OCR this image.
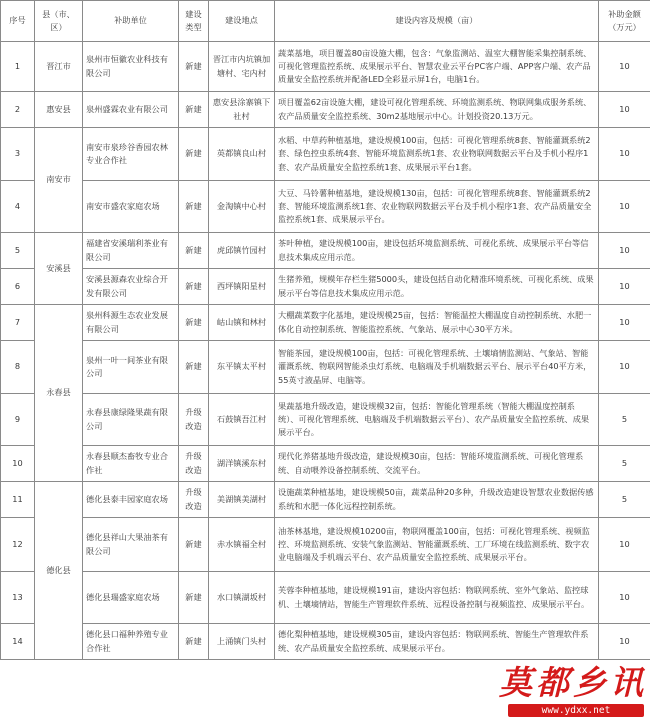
序号	县（市、区）	补助单位	建设类型	建设地点	建设内容及规模（亩）	补助金额（万元）
1	晋江市	泉州市恒徽农业科技有限公司	新建	晋江市内坑镇加塘村、宅内村	蔬菜基地，项目覆盖80亩设施大棚，包含：气象监测站、温室大棚智能采集控制系统、可视化管理监控系统、成果展示平台、智慧农业云平台PC客户端、APP客户端、农产品质量安全监控系统并配备LED全彩显示屏1台，电脑1台。	10
2	惠安县	泉州盛霖农业有限公司	新建	惠安县涂寨镇下社村	项目覆盖62亩设施大棚，建设可视化管理系统、环境监测系统、物联网集成服务系统、农产品质量安全监控系统、30m2基地展示中心。计划投资20.13万元。	10
3	南安市	南安市泉珍谷香园农林专业合作社	新建	英都镇良山村	水稻、中草药种植基地，建设规模100亩，包括：可视化管理系统8套、智能灌溉系统2套、绿色控虫系统4套、智能环境监测系统1套、农业物联网数据云平台及手机小程序1套、农产品质量安全监控系统1套、成果展示平台1套。	10
4		南安市盛农家庭农场	新建	金淘镇中心村	大豆、马铃薯种植基地，建设规模130亩，包括：可视化管理系统8套、智能灌溉系统2套、智能环境监测系统1套、农业物联网数据云平台及手机小程序1套、农产品质量安全监控系统1套、成果展示平台。	10
5	安溪县	福建省安溪瑞利茶业有限公司	新建	虎邱镇竹园村	茶叶种植，建设规模100亩，建设包括环境监测系统、可视化系统、成果展示平台等信息技术集成应用示范。	10
6		安溪县源森农业综合开发有限公司	新建	西坪镇阳星村	生猪养殖，规模年存栏生猪5000头，建设包括自动化精准环境系统、可视化系统、成果展示平台等信息技术集成应用示范。	10
7	永春县	泉州科源生态农业发展有限公司	新建	岵山镇和林村	大棚蔬菜数字化基地，建设规模25亩，包括：智能温控大棚温度自动控制系统、水肥一体化自动控制系统、智能监控系统、气象站、展示中心30平方米。	10
8		泉州一叶一间茶业有限公司	新建	东平镇太平村	智能茶园，建设规模100亩，包括：可视化管理系统、土壤墒情监测站、气象站、智能灌溉系统、物联网智能杀虫灯系统、电脑端及手机端数据云平台、展示平台40平方米，55英寸液晶屏、电脑等。	10
9		永春县康绿隆果蔬有限公司	升级改造	石鼓镇吾江村	果蔬基地升级改造，建设规模32亩，包括：智能化管理系统（智能大棚温度控制系统）、可视化管理系统、电脑端及手机端数据云平台）、农产品质量安全监控系统、成果展示平台。	5
10		永春县顺杰畜牧专业合作社	升级改造	湖洋镇溪东村	现代化养猪基地升级改造，建设规模30亩，包括：智能环境监测系统、可视化管理系统、自动喂养设备控制系统、交流平台。	5
11	德化县	德化县泰丰园家庭农场	升级改造	美湖镇美湖村	设施蔬菜种植基地，建设规模50亩，蔬菜品种20多种，升级改造建设智慧农业数据传感系统和水肥一体化远程控制系统。	5
12		德化县祥山大果油茶有限公司	新建	赤水镇福全村	油茶林基地，建设规模10200亩，物联网覆盖100亩，包括：可视化管理系统、视频监控、环境监测系统、安装气象监测站、智能灌溉系统、工厂环境在线监测系统、数字农业电脑端及手机端云平台、农产品质量安全监控系统、成果展示平台。	10
13		德化县瑞盛家庭农场	新建	水口镇湖坂村	芙蓉李种植基地，建设规模191亩，建设内容包括：物联网系统、室外气象站、监控球机、土壤墒情站，智能生产管理软件系统、远程设备控制与视频监控、成果展示平台。	10
14		德化县口福种养殖专业合作社	新建	上涌镇门头村	德化梨种植基地，建设规模305亩，建设内容包括：物联网系统、智能生产管理软件系统、农产品质量安全监控系统、成果展示平台。	10

莫都乡讯
www.ydxx.net
